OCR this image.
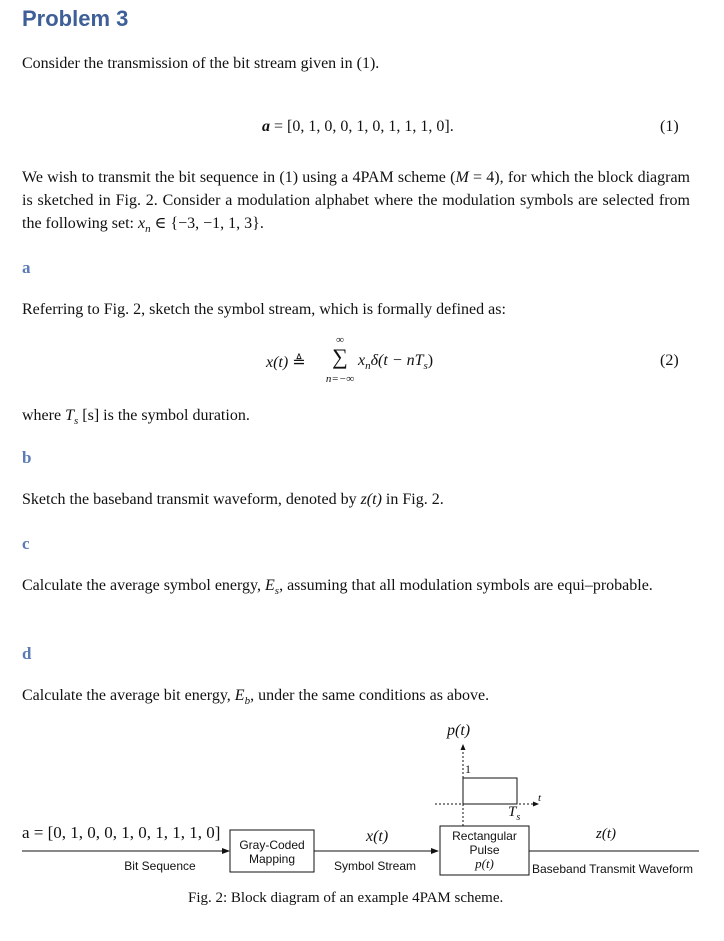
Problem 3
Consider the transmission of the bit stream given in (1).
a = [0, 1, 0, 0, 1, 0, 1, 1, 1, 0].	(1)
We wish to transmit the bit sequence in (1) using a 4PAM scheme (M = 4), for which the block diagram is sketched in Fig. 2. Consider a modulation alphabet where the modulation symbols are selected from the following set: $x_n$ ∈ {−3, −1, 1, 3}.
a
Referring to Fig. 2, sketch the symbol stream, which is formally defined as:
x(t) ≜
∞
∑
n=−∞
$x_n\delta(t - nT_s)$	(2)
where $T_s$ [s] is the symbol duration.
b
Sketch the baseband transmit waveform, denoted by z(t) in Fig. 2.
c
Calculate the average symbol energy, $E_s$, assuming that all modulation symbols are equi–probable.
d
Calculate the average bit energy, $E_b$, under the same conditions as above.
a = [0, 1, 0, 0, 1, 0, 1, 1, 1, 0]
Gray-Coded
Mapping
Bit Sequence
x(t)
Symbol Stream
Rectangular
Pulse
p(t)
z(t)
Baseband Transmit Waveform
p(t)
1
$T_s$
t
Fig. 2: Block diagram of an example 4PAM scheme.
